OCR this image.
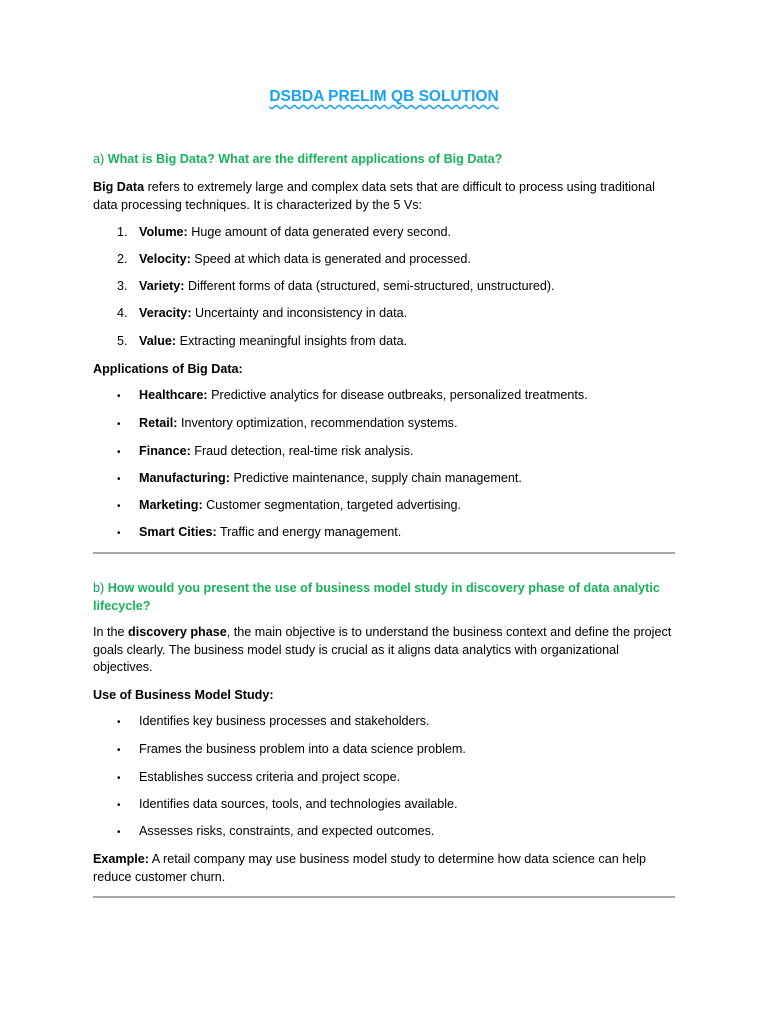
DSBDA PRELIM QB SOLUTION
a) What is Big Data? What are the different applications of Big Data?
Big Data refers to extremely large and complex data sets that are difficult to process using traditional data processing techniques. It is characterized by the 5 Vs:
1. Volume: Huge amount of data generated every second.
2. Velocity: Speed at which data is generated and processed.
3. Variety: Different forms of data (structured, semi-structured, unstructured).
4. Veracity: Uncertainty and inconsistency in data.
5. Value: Extracting meaningful insights from data.
Applications of Big Data:
• Healthcare: Predictive analytics for disease outbreaks, personalized treatments.
• Retail: Inventory optimization, recommendation systems.
• Finance: Fraud detection, real-time risk analysis.
• Manufacturing: Predictive maintenance, supply chain management.
• Marketing: Customer segmentation, targeted advertising.
• Smart Cities: Traffic and energy management.
b) How would you present the use of business model study in discovery phase of data analytic lifecycle?
In the discovery phase, the main objective is to understand the business context and define the project goals clearly. The business model study is crucial as it aligns data analytics with organizational objectives.
Use of Business Model Study:
• Identifies key business processes and stakeholders.
• Frames the business problem into a data science problem.
• Establishes success criteria and project scope.
• Identifies data sources, tools, and technologies available.
• Assesses risks, constraints, and expected outcomes.
Example: A retail company may use business model study to determine how data science can help reduce customer churn.
